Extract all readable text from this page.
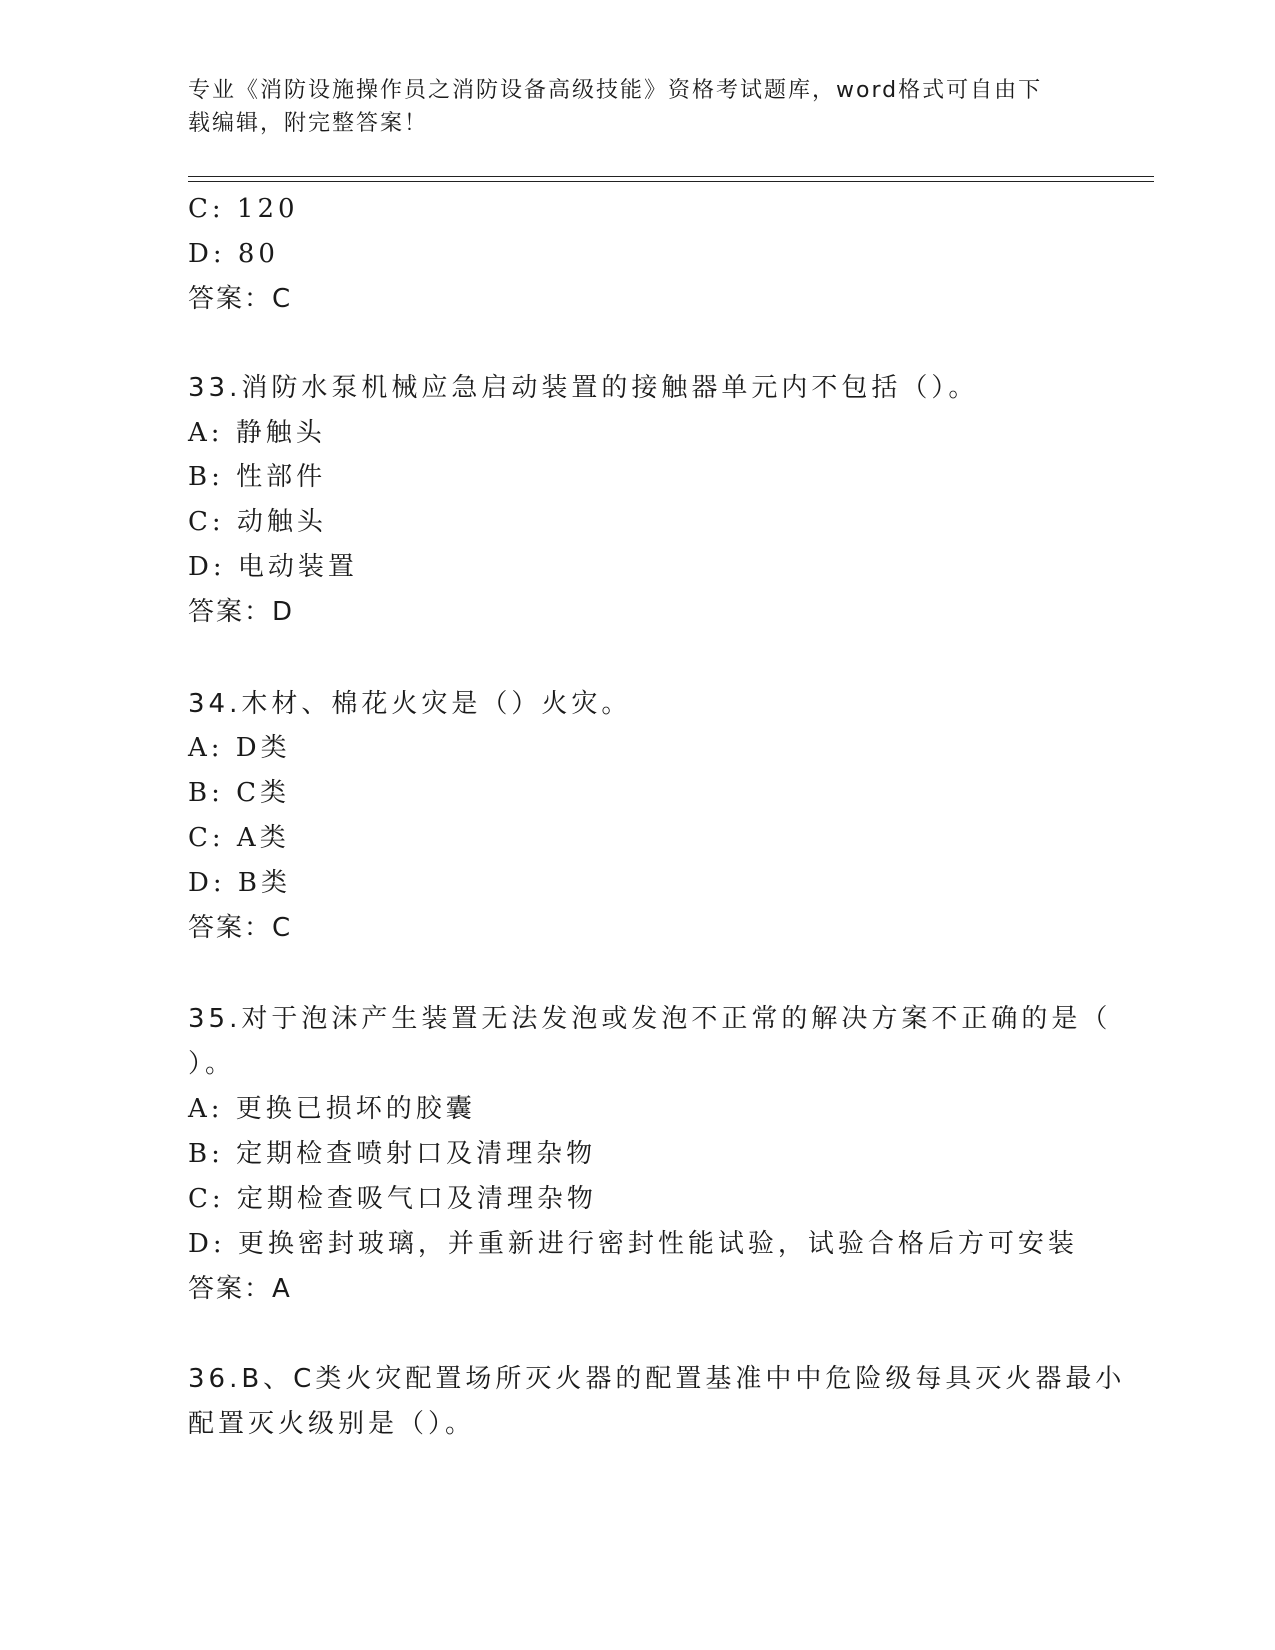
专业《消防设施操作员之消防设备高级技能》资格考试题库，word格式可自由下
载编辑，附完整答案！
C: 120
D: 80
答案：C
33.消防水泵机械应急启动装置的接触器单元内不包括（）。
A: 静触头
B: 性部件
C: 动触头
D: 电动装置
答案：D
34.木材、棉花火灾是（）火灾。
A: D类
B: C类
C: A类
D: B类
答案：C
35.对于泡沫产生装置无法发泡或发泡不正常的解决方案不正确的是（
）。
A: 更换已损坏的胶囊
B: 定期检查喷射口及清理杂物
C: 定期检查吸气口及清理杂物
D: 更换密封玻璃，并重新进行密封性能试验，试验合格后方可安装
答案：A
36.B、C类火灾配置场所灭火器的配置基准中中危险级每具灭火器最小
配置灭火级别是（）。
